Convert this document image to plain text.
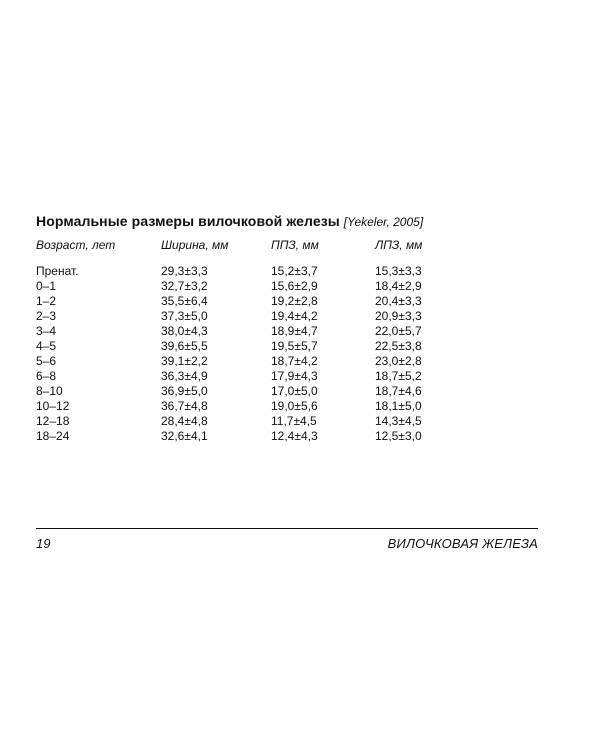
Нормальные размеры вилочковой железы [Yekeler, 2005]
Возраст, лет	Ширина, мм	ППЗ, мм	ЛПЗ, мм
Пренат.	29,3±3,3	15,2±3,7	15,3±3,3
0–1	32,7±3,2	15,6±2,9	18,4±2,9
1–2	35,5±6,4	19,2±2,8	20,4±3,3
2–3	37,3±5,0	19,4±4,2	20,9±3,3
3–4	38,0±4,3	18,9±4,7	22,0±5,7
4–5	39,6±5,5	19,5±5,7	22,5±3,8
5–6	39,1±2,2	18,7±4,2	23,0±2,8
6–8	36,3±4,9	17,9±4,3	18,7±5,2
8–10	36,9±5,0	17,0±5,0	18,7±4,6
10–12	36,7±4,8	19,0±5,6	18,1±5,0
12–18	28,4±4,8	11,7±4,5	14,3±4,5
18–24	32,6±4,1	12,4±4,3	12,5±3,0
19	ВИЛОЧКОВАЯ ЖЕЛЕЗА
